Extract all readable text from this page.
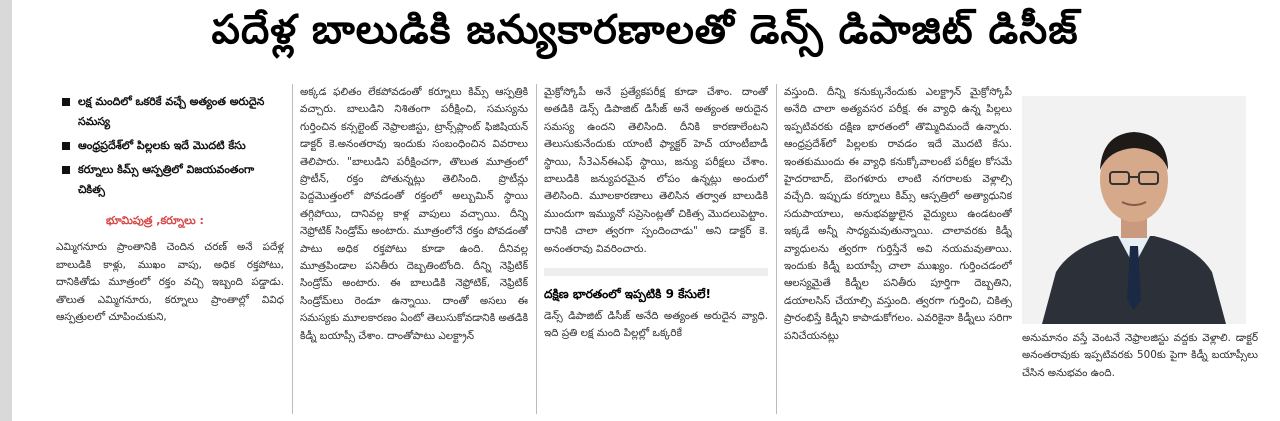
పదేళ్ల బాలుడికి జన్యుకారణాలతో డెన్స్ డిపాజిట్ డిసీజ్
లక్ష మందిలో ఒకరికే వచ్చే అత్యంత అరుదైన సమస్య
ఆంధ్రప్రదేశ్‌లో పిల్లలకు ఇదే మొదటి కేసు
కర్నూలు కిమ్స్ ఆస్పత్రిలో విజయవంతంగా చికిత్స
భూమిపుత్ర ,కర్నూలు :

ఎమ్మిగనూరు ప్రాంతానికి చెందిన చరణ్ అనే పదేళ్ల బాలుడికి కాళ్లు, ముఖం వాపు, అధిక రక్తపోటు, దానికితోడు మూత్రంలో రక్తం వచ్చి ఇబ్బంది పడ్డాడు. తొలుత ఎమ్మిగనూరు, కర్నూలు ప్రాంతాల్లో వివిధ ఆస్పత్రులలో చూపించుకుని,

అక్కడ ఫలితం లేకపోవడంతో కర్నూలు కిమ్స్ ఆస్పత్రికి వచ్చారు. బాలుడిని నిశితంగా పరీక్షించి, సమస్యను గుర్తించిన కన్సల్టెంట్ నెఫ్రాలజిస్టు, ట్రాన్స్‌ప్లాంట్ ఫిజిషియన్ డాక్టర్ కె.అనంతరావు ఇందుకు సంబంధించిన వివరాలు తెలిపారు. "బాలుడిని పరీక్షించగా, తొలుత మూత్రంలో ప్రొటీన్, రక్తం పోతున్నట్లు తెలిసింది. ప్రొటీన్లు పెద్దమొత్తంలో పోవడంతో రక్తంలో అల్బుమిన్ స్థాయి తగ్గిపోయి, దానివల్ల కాళ్ల వాపులు వచ్చాయి. దీన్ని నెఫ్రోటిక్ సిండ్రోమ్ అంటారు. మూత్రంలోనే రక్తం పోవడంతో పాటు అధిక రక్తపోటు కూడా ఉంది. దీనివల్ల మూత్రపిండాల పనితీరు దెబ్బతింటోంది. దీన్ని నెఫ్రిటిక్ సిండ్రోమ్ అంటారు. ఈ బాలుడికి నెఫ్రోటిక్, నెఫ్రిటిక్ సిండ్రోమ్‌లు రెండూ ఉన్నాయి. దాంతో అసలు ఈ సమస్యకు మూలకారణం ఏంటో తెలుసుకోవడానికి అతడికి కిడ్నీ బయాప్సీ చేశాం. దాంతోపాటు ఎలక్ట్రాన్

మైక్రోస్కోపీ అనే ప్రత్యేకపరీక్ష కూడా చేశాం. దాంతో అతడికి డెన్స్ డిపాజిట్ డిసీజ్ అనే అత్యంత అరుదైన సమస్య ఉందని తెలిసింది. దీనికి కారణాలేంటని తెలుసుకునేందుకు యాంటీ ఫ్యాక్టర్ హెచ్ యాంటీబాడీ స్థాయి, సీ3ఎన్ఈఎఫ్ స్థాయి, జన్యు పరీక్షలు చేశాం. బాలుడికి జన్యుపరమైన లోపం ఉన్నట్లు అందులో తెలిసింది. మూలకారణాలు తెలిసిన తర్వాత బాలుడికి ముందుగా ఇమ్యునో సప్రెసెంట్లతో చికిత్స మొదలుపెట్టాం. దానికి చాలా త్వరగా స్పందించాడు" అని డాక్టర్ కె. అనంతరావు వివరించారు.

దక్షిణ భారతంలో ఇప్పటికి 9 కేసులే!

డెన్స్ డిపాజిట్ డిసీజ్ అనేది అత్యంత అరుదైన వ్యాధి. ఇది ప్రతి లక్ష మంది పిల్లల్లో ఒక్కరికే

వస్తుంది. దీన్ని కనుక్కునేందుకు ఎలక్ట్రాన్ మైక్రోస్కోపీ అనేది చాలా అత్యవసర పరీక్ష. ఈ వ్యాధి ఉన్న పిల్లలు ఇప్పటివరకు దక్షిణ భారతంలో తొమ్మిదిమందే ఉన్నారు. ఆంధ్రప్రదేశ్‌లో పిల్లలకు రావడం ఇదే మొదటి కేసు. ఇంతకుముందు ఈ వ్యాధి కనుక్కోవాలంటే పరీక్షల కోసమే హైదరాబాద్, బెంగళూరు లాంటి నగరాలకు వెళ్లాల్సి వచ్చేది. ఇప్పుడు కర్నూలు కిమ్స్ ఆస్పత్రిలో అత్యాధునిక సదుపాయాలు, అనుభవజ్ఞులైన వైద్యులు ఉండటంతో ఇక్కడే అన్నీ సాధ్యమవుతున్నాయి. చాలావరకు కిడ్నీ వ్యాధులను త్వరగా గుర్తిస్తేనే అవి నయమవుతాయి. ఇందుకు కిడ్నీ బయాప్సీ చాలా ముఖ్యం. గుర్తించడంలో ఆలస్యమైతే కిడ్నీల పనితీరు పూర్తిగా దెబ్బతిని, డయాలసిస్ చేయాల్సి వస్తుంది. త్వరగా గుర్తించి, చికిత్స ప్రారంభిస్తే కిడ్నీని కాపాడుకోగలం. ఎవరికైనా కిడ్నీలు సరిగా పనిచేయనట్లు	అనుమానం వస్తే వెంటనే నెఫ్రాలజిస్టు వద్దకు వెళ్లాలి. డాక్టర్ అనంతరావుకు ఇప్పటివరకు 500కు పైగా కిడ్నీ బయాప్సీలు చేసిన అనుభవం ఉంది.
